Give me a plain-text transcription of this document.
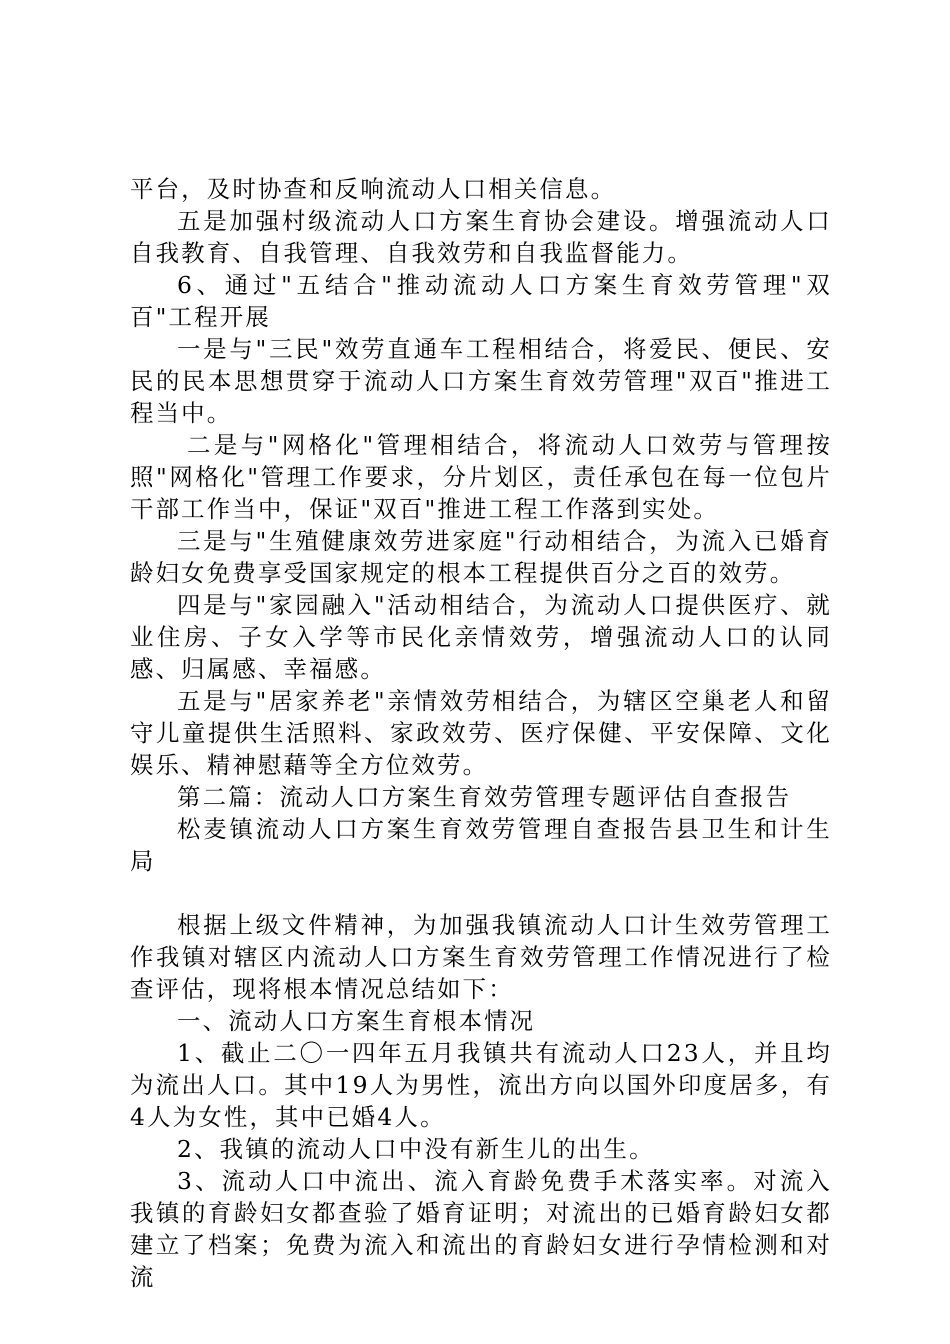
平台，及时协查和反响流动人口相关信息。

五是加强村级流动人口方案生育协会建设。增强流动人口自我教育、自我管理、自我效劳和自我监督能力。

6、通过"五结合"推动流动人口方案生育效劳管理"双百"工程开展

一是与"三民"效劳直通车工程相结合，将爱民、便民、安民的民本思想贯穿于流动人口方案生育效劳管理"双百"推进工程当中。

二是与"网格化"管理相结合，将流动人口效劳与管理按照"网格化"管理工作要求，分片划区，责任承包在每一位包片干部工作当中，保证"双百"推进工程工作落到实处。

三是与"生殖健康效劳进家庭"行动相结合，为流入已婚育龄妇女免费享受国家规定的根本工程提供百分之百的效劳。

四是与"家园融入"活动相结合，为流动人口提供医疗、就业住房、子女入学等市民化亲情效劳，增强流动人口的认同感、归属感、幸福感。

五是与"居家养老"亲情效劳相结合，为辖区空巢老人和留守儿童提供生活照料、家政效劳、医疗保健、平安保障、文化娱乐、精神慰藉等全方位效劳。

第二篇：流动人口方案生育效劳管理专题评估自查报告

松麦镇流动人口方案生育效劳管理自查报告县卫生和计生局

根据上级文件精神，为加强我镇流动人口计生效劳管理工作我镇对辖区内流动人口方案生育效劳管理工作情况进行了检查评估，现将根本情况总结如下：

一、流动人口方案生育根本情况

1、截止二〇一四年五月我镇共有流动人口23人，并且均为流出人口。其中19人为男性，流出方向以国外印度居多，有4人为女性，其中已婚4人。

2、我镇的流动人口中没有新生儿的出生。

3、流动人口中流出、流入育龄免费手术落实率。对流入我镇的育龄妇女都查验了婚育证明；对流出的已婚育龄妇女都建立了档案；免费为流入和流出的育龄妇女进行孕情检测和对流
